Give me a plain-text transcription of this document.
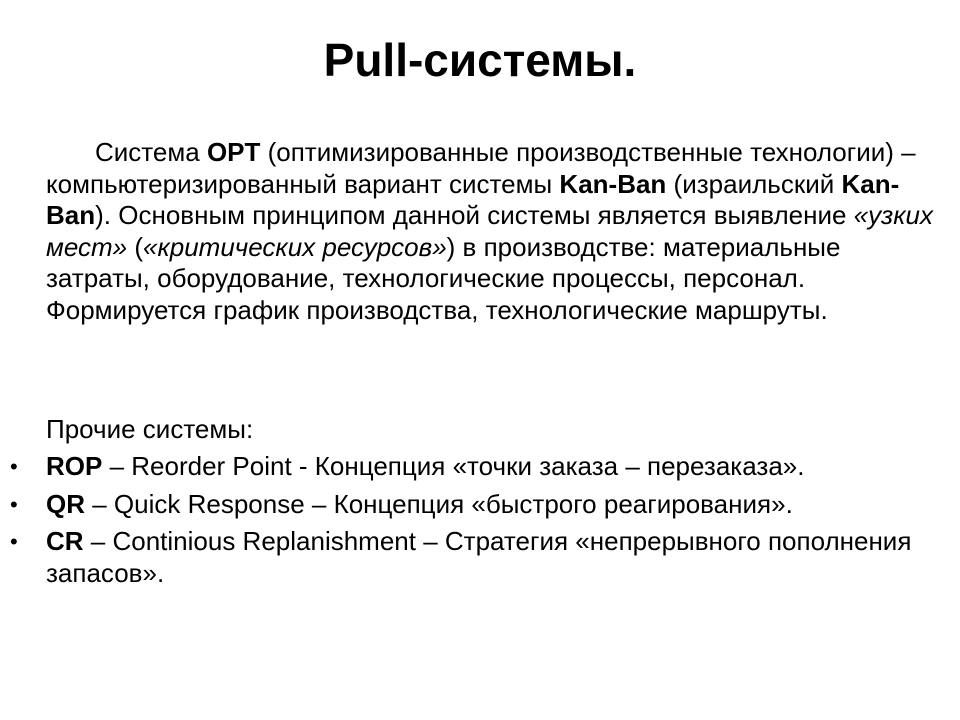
Pull-системы.

Система OPT (оптимизированные производственные технологии) – компьютеризированный вариант системы Kan-Ban (израильский Kan-Ban). Основным принципом данной системы является выявление «узких мест» («критических ресурсов») в производстве: материальные затраты, оборудование, технологические процессы, персонал. Формируется график производства, технологические маршруты.

Прочие системы:

• ROP – Reorder Point - Концепция «точки заказа – перезаказа».
• QR – Quick Response – Концепция «быстрого реагирования».
• CR – Continious Replanishment – Стратегия «непрерывного пополнения запасов».
